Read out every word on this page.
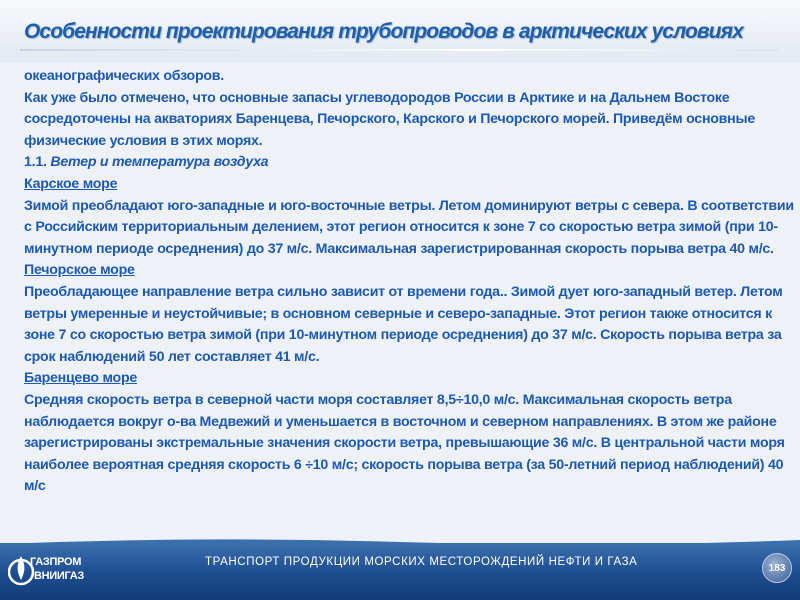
Особенности проектирования трубопроводов в арктических условиях

океанографических обзоров.

Как уже было отмечено, что основные запасы углеводородов России в Арктике и на Дальнем Востоке сосредоточены на акваториях Баренцева, Печорского, Карского и Печорского морей. Приведём основные физические условия в этих морях.

1.1. Ветер и температура воздуха

Карское море

Зимой преобладают юго-западные и юго-восточные ветры. Летом доминируют ветры с севера. В соответствии с Российским территориальным делением, этот регион относится к зоне 7 со скоростью ветра зимой (при 10-минутном периоде осреднения) до 37 м/с. Максимальная зарегистрированная скорость порыва ветра 40 м/с.

Печорское море

Преобладающее направление ветра сильно зависит от времени года.. Зимой дует юго-западный ветер. Летом ветры умеренные и неустойчивые; в основном северные и северо-западные. Этот регион также относится к зоне 7 со скоростью ветра зимой (при 10-минутном периоде осреднения) до 37 м/с. Скорость порыва ветра за срок наблюдений 50 лет составляет 41 м/с.

Баренцево море

Средняя скорость ветра в северной части моря составляет 8,5÷10,0 м/с. Максимальная скорость ветра наблюдается вокруг о-ва Медвежий и уменьшается в восточном и северном направлениях. В этом же районе зарегистрированы экстремальные значения скорости ветра, превышающие 36 м/с. В центральной части моря наиболее вероятная средняя скорость 6 ÷10 м/с; скорость порыва ветра (за 50-летний период наблюдений) 40 м/с

ГАЗПРОМ
ВНИИГАЗ
ТРАНСПОРТ ПРОДУКЦИИ МОРСКИХ МЕСТОРОЖДЕНИЙ НЕФТИ И ГАЗА	183
